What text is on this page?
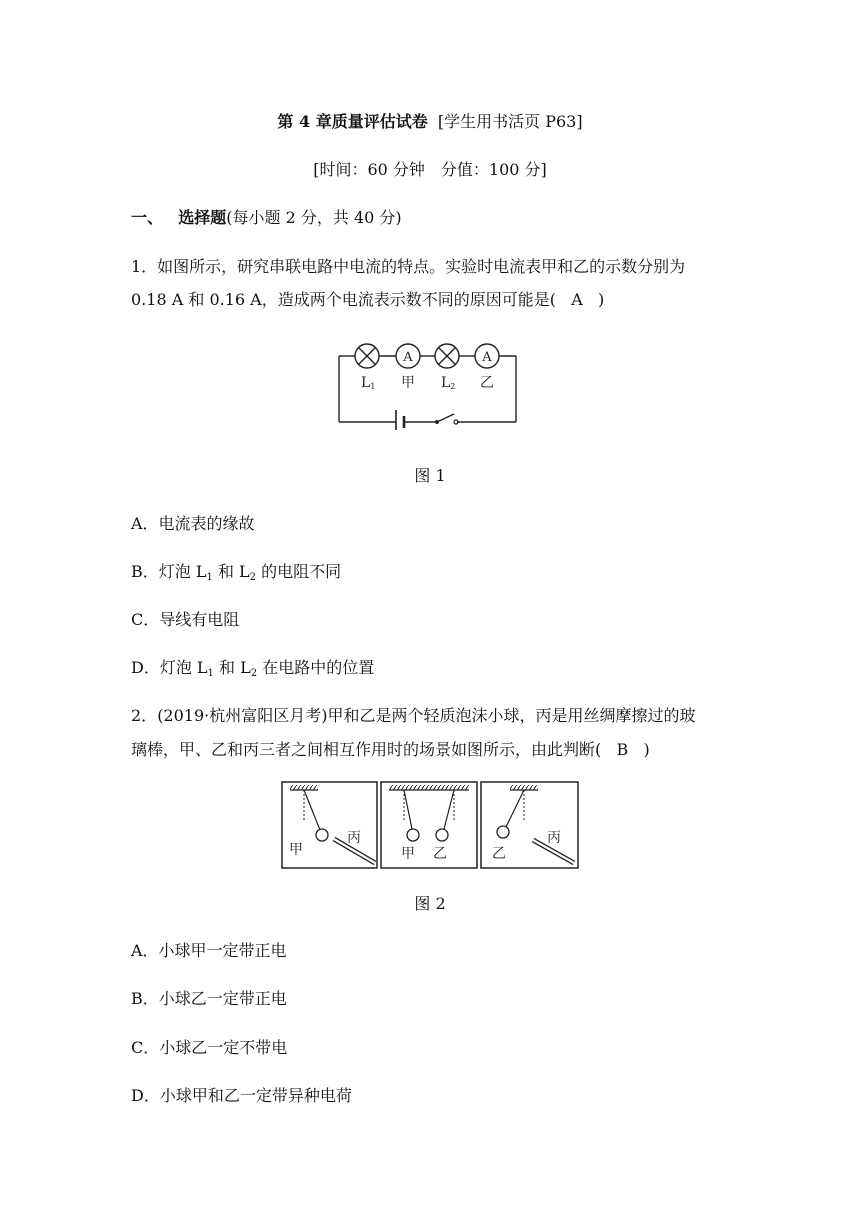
第 4 章质量评估试卷 [学生用书活页 P63]
[时间：60 分钟　分值：100 分]
一、 选择题(每小题 2 分，共 40 分)
1．如图所示，研究串联电路中电流的特点。实验时电流表甲和乙的示数分别为
0.18 A 和 0.16 A，造成两个电流表示数不同的原因可能是( A )
A	A
L1 甲 L2 乙
图 1
A．电流表的缘故
B．灯泡 $L_1$ 和 $L_2$ 的电阻不同
C．导线有电阻
D．灯泡 $L_1$ 和 $L_2$ 在电路中的位置
2．(2019·杭州富阳区月考)甲和乙是两个轻质泡沫小球，丙是用丝绸摩擦过的玻
璃棒，甲、乙和丙三者之间相互作用时的场景如图所示，由此判断( B )
甲
丙
甲 乙	乙
丙
图 2
A．小球甲一定带正电
B．小球乙一定带正电
C．小球乙一定不带电
D．小球甲和乙一定带异种电荷
